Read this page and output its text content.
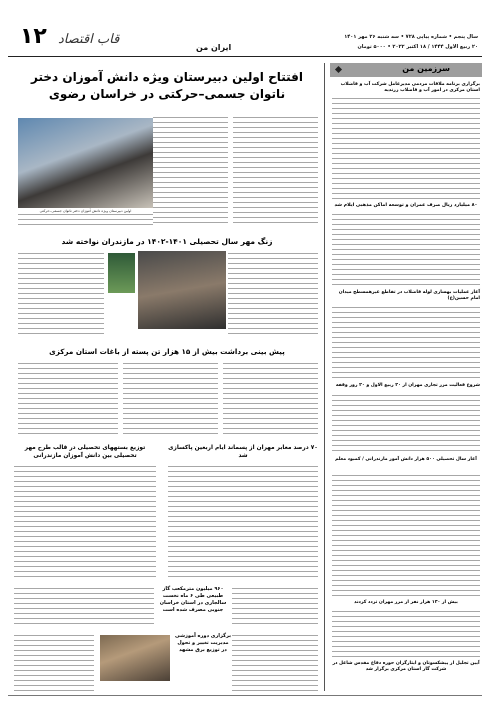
۱۲ قاب اقتصاد
ایران من
سال پنجم • شماره پیاپی ۷۲۸ • سه شنبه ۲۶ مهر ۱۴۰۱
۲۰ ربیع الاول ۱۴۴۴ / ۱۸ اکتبر ۲۰۲۲ • ۵۰۰۰ تومان
سرزمین من
برگزاری برنامه ملاقات مردمی مدیرعامل شرکت آب و فاضلاب استان مرکزی در امور آب و فاضلاب زرندیه
۸۰ میلیارد ریال صرف عمران و توسعه اماکن مذهبی ایلام شد
آغاز عملیات بهسازی لوله فاضلاب در تقاطع غیرهمسطح میدان امام حسین(ع)
شروع فعالیت مرز تجاری مهران از ۲۰ ربیع الاول و ۲۰ روز وقفه
آغاز سال تحصیلی ۵۰۰ هزار دانش آموز مازندرانی / کمبود معلم
بیش از ۱۳۰ هزار نفر از مرز مهران تردد کردند
آیین تجلیل از پیشکسوتان و ایثارگران حوزه دفاع مقدس شاغل در شرکت گاز استان مرکزی برگزار شد
افتتاح اولین دبیرستان ویژه دانش آموزان دختر ناتوان جسمی–حرکتی در خراسان رضوی
اولین دبیرستان ویژه دانش آموزان دختر ناتوان جسمی–حرکتی
زنگ مهر سال تحصیلی ۱۴۰۱-۱۴۰۲ در مازندران نواخته شد
پیش بینی برداشت بیش از ۱۵ هزار تن پسته از باغات استان مرکزی
توزیع بستههای تحصیلی در قالب طرح مهر تحصیلی بین دانش آموزان مازندرانی
۷۰ درصد معابر مهران از پسماند ایام اربعین پاکسازی شد
۹۶۰ میلیون مترمکعب گاز طبیعی طی ۶ ماه نخست سالجاری در استان خراسان جنوبی مصرف شده است
برگزاری دوره آموزشی مدیریت تغییر و تحول در توزیع برق مشهد
